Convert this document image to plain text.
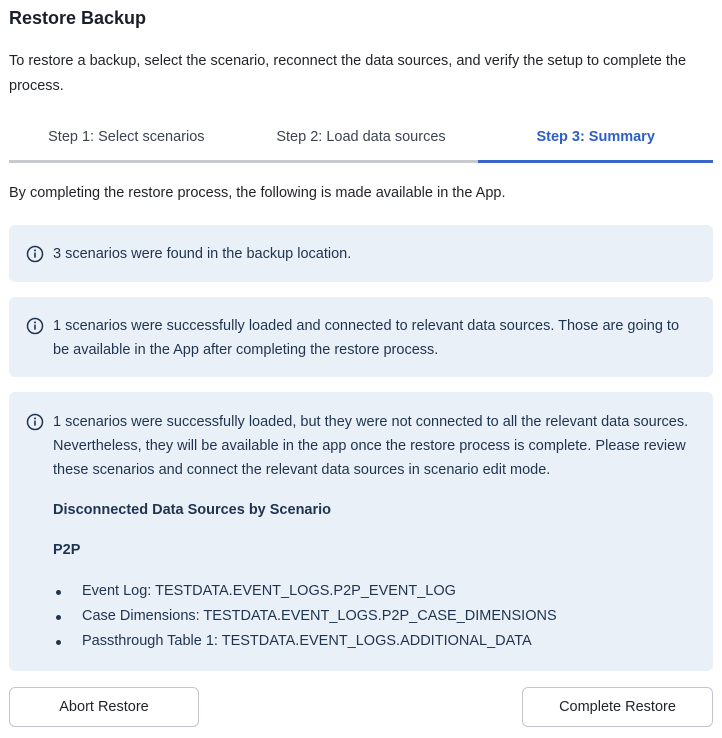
Restore Backup
To restore a backup, select the scenario, reconnect the data sources, and verify the setup to complete the process.
Step 1: Select scenarios	Step 2: Load data sources	Step 3: Summary
By completing the restore process, the following is made available in the App.
3 scenarios were found in the backup location.
1 scenarios were successfully loaded and connected to relevant data sources. Those are going to be available in the App after completing the restore process.
1 scenarios were successfully loaded, but they were not connected to all the relevant data sources. Nevertheless, they will be available in the app once the restore process is complete. Please review these scenarios and connect the relevant data sources in scenario edit mode.
Disconnected Data Sources by Scenario
P2P
Event Log: TESTDATA.EVENT_LOGS.P2P_EVENT_LOG
Case Dimensions: TESTDATA.EVENT_LOGS.P2P_CASE_DIMENSIONS
Passthrough Table 1: TESTDATA.EVENT_LOGS.ADDITIONAL_DATA
Abort Restore	Complete Restore
